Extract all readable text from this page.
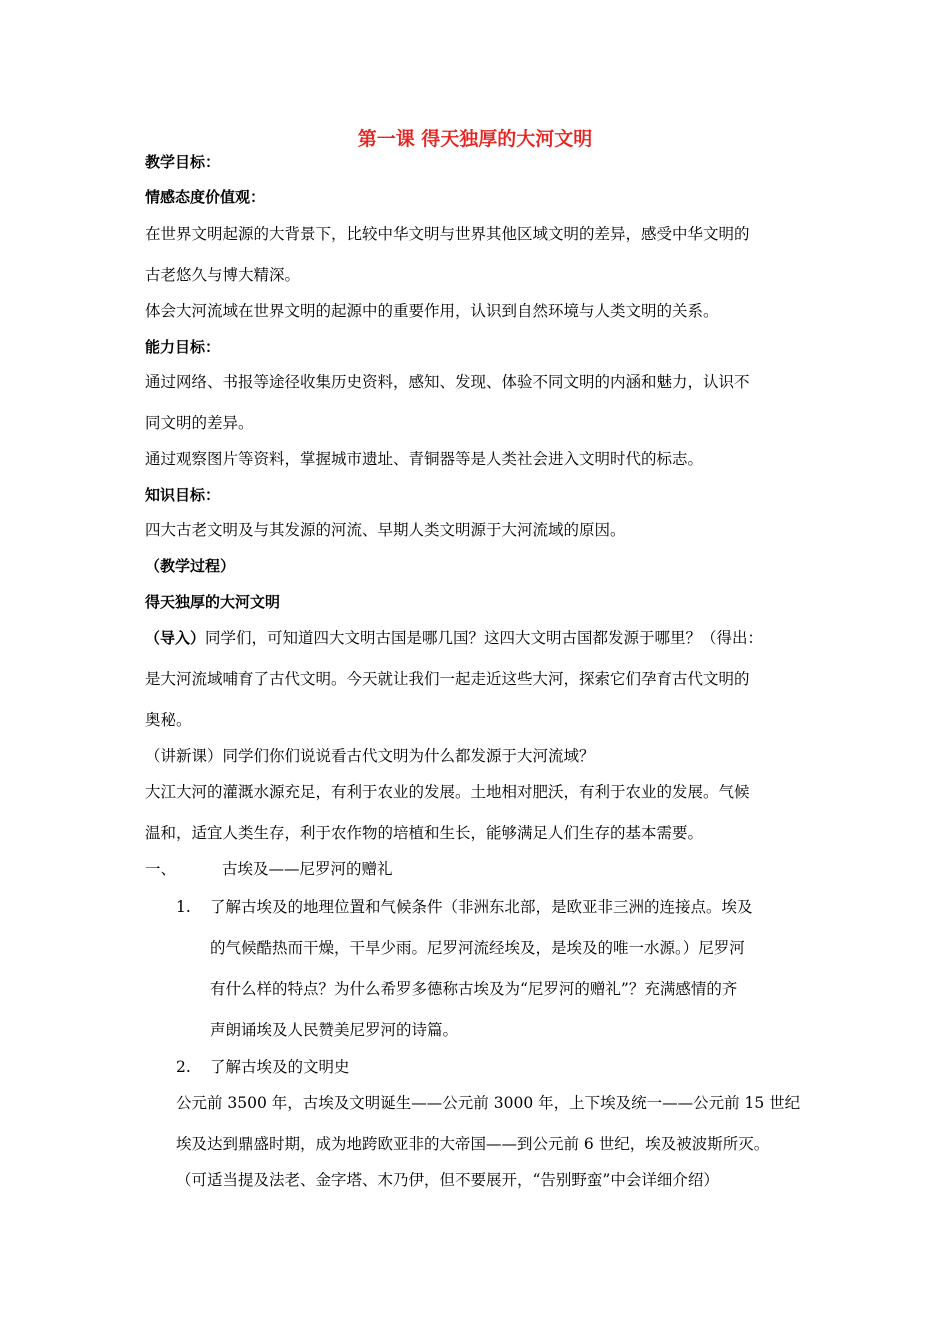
第一课 得天独厚的大河文明
教学目标：
情感态度价值观：
在世界文明起源的大背景下，比较中华文明与世界其他区域文明的差异，感受中华文明的
古老悠久与博大精深。
体会大河流域在世界文明的起源中的重要作用，认识到自然环境与人类文明的关系。
能力目标：
通过网络、书报等途径收集历史资料，感知、发现、体验不同文明的内涵和魅力，认识不
同文明的差异。
通过观察图片等资料，掌握城市遗址、青铜器等是人类社会进入文明时代的标志。
知识目标：
四大古老文明及与其发源的河流、早期人类文明源于大河流域的原因。
（教学过程）
得天独厚的大河文明
（导入）同学们，可知道四大文明古国是哪几国？这四大文明古国都发源于哪里？（得出：
是大河流域哺育了古代文明。今天就让我们一起走近这些大河，探索它们孕育古代文明的
奥秘。
（讲新课）同学们你们说说看古代文明为什么都发源于大河流域？
大江大河的灌溉水源充足，有利于农业的发展。土地相对肥沃，有利于农业的发展。气候
温和，适宜人类生存，利于农作物的培植和生长，能够满足人们生存的基本需要。
一、	古埃及——尼罗河的赠礼
1. 了解古埃及的地理位置和气候条件（非洲东北部，是欧亚非三洲的连接点。埃及
的气候酷热而干燥，干旱少雨。尼罗河流经埃及，是埃及的唯一水源。）尼罗河
有什么样的特点？为什么希罗多德称古埃及为“尼罗河的赠礼”？充满感情的齐
声朗诵埃及人民赞美尼罗河的诗篇。
2. 了解古埃及的文明史
公元前 3500 年，古埃及文明诞生——公元前 3000 年，上下埃及统一——公元前 15 世纪
埃及达到鼎盛时期，成为地跨欧亚非的大帝国——到公元前 6 世纪，埃及被波斯所灭。
（可适当提及法老、金字塔、木乃伊，但不要展开，“告别野蛮”中会详细介绍）
